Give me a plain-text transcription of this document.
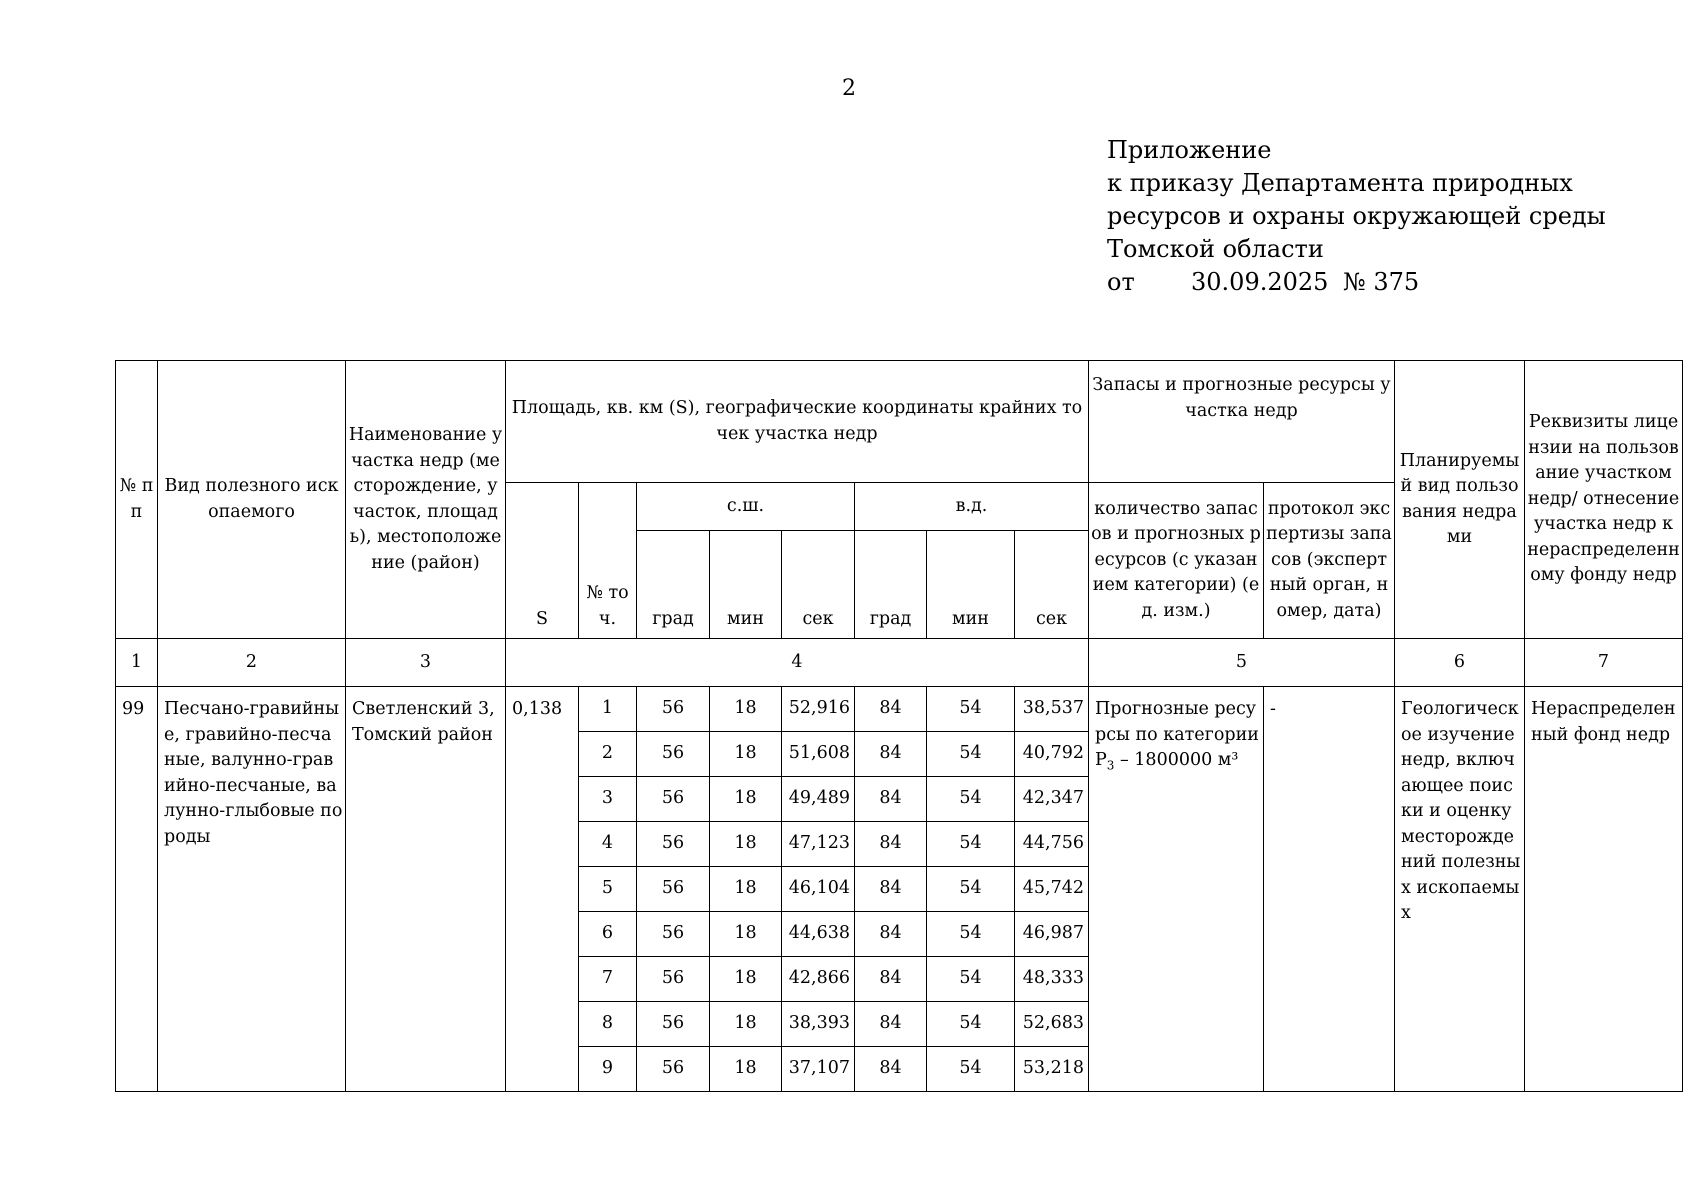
2
Приложение
к приказу Департамента природных
ресурсов и охраны окружающей среды
Томской области
от 30.09.2025 № 375
№ пп	Вид полезного ископаемого	Наименование участка недр (месторождение, участок, площадь), местоположение (район)	Площадь, кв. км (S), географические координаты крайних точек участка недр								Запасы и прогнозные ресурсы участка недр		Планируемый вид пользования недрами	Реквизиты лицензии на пользование участком недр/ отнесение участка недр к нераспределенному фонду недр
			S	№ точ.	с.ш.			в.д.			количество запасов и прогнозных ресурсов (с указанием категории) (ед. изм.)	протокол экспертизы запасов (экспертный орган, номер, дата)		
					град	мин	сек	град	мин	сек				
1	2	3	4								5		6	7
99	Песчано-гравийные, гравийно-песчаные, валунно-гравийно-песчаные, валунно-глыбовые породы	Светленский 3, Томский район	0,138	1	56	18	52,916	84	54	38,537	Прогнозные ресурсы по категории $Р_3 - 1800000$ м³	-	Геологическое изучение недр, включающее поиски и оценку месторождений полезных ископаемых	Нераспределенный фонд недр
				2	56	18	51,608	84	54	40,792				
				3	56	18	49,489	84	54	42,347				
				4	56	18	47,123	84	54	44,756				
				5	56	18	46,104	84	54	45,742				
				6	56	18	44,638	84	54	46,987				
				7	56	18	42,866	84	54	48,333				
				8	56	18	38,393	84	54	52,683				
				9	56	18	37,107	84	54	53,218				
